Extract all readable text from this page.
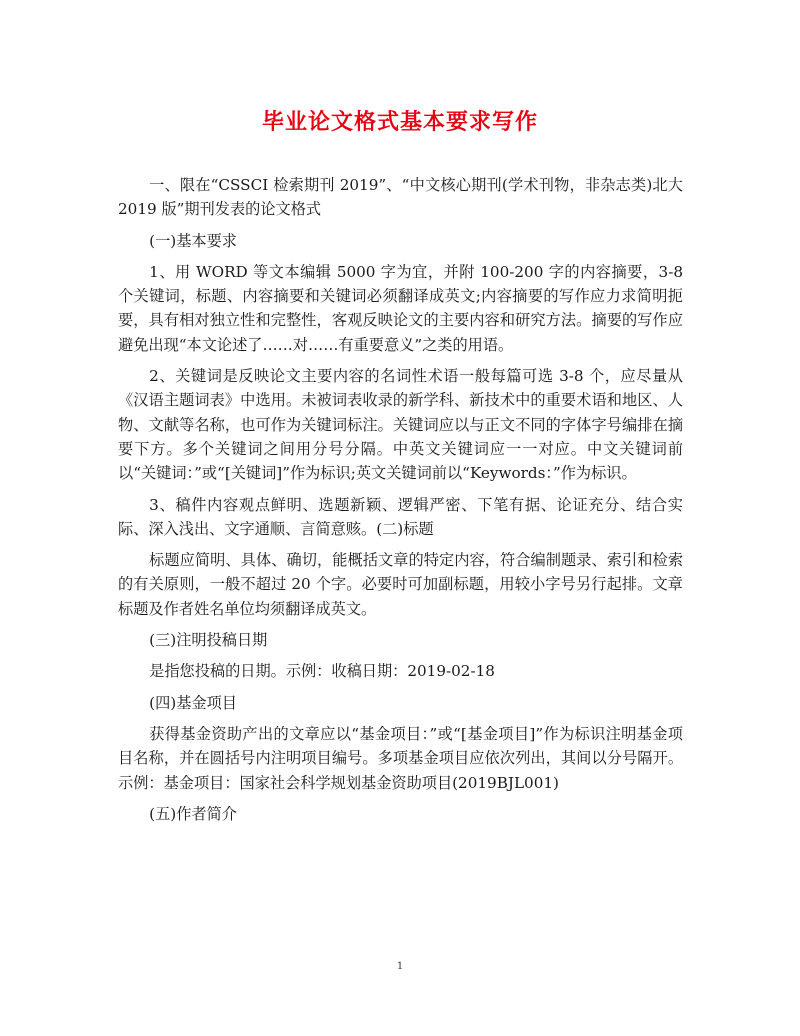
毕业论文格式基本要求写作

一、限在“CSSCI 检索期刊 2019”、“中文核心期刊(学术刊物，非杂志类)北大 2019 版”期刊发表的论文格式

(一)基本要求

1、用 WORD 等文本编辑 5000 字为宜，并附 100-200 字的内容摘要，3-8 个关键词，标题、内容摘要和关键词必须翻译成英文;内容摘要的写作应力求简明扼要，具有相对独立性和完整性，客观反映论文的主要内容和研究方法。摘要的写作应避免出现“本文论述了……对……有重要意义”之类的用语。

2、关键词是反映论文主要内容的名词性术语一般每篇可选 3-8 个，应尽量从《汉语主题词表》中选用。未被词表收录的新学科、新技术中的重要术语和地区、人物、文献等名称，也可作为关键词标注。关键词应以与正文不同的字体字号编排在摘要下方。多个关键词之间用分号分隔。中英文关键词应一一对应。中文关键词前以“关键词：”或“[关键词]”作为标识;英文关键词前以“Keywords：”作为标识。

3、稿件内容观点鲜明、选题新颖、逻辑严密、下笔有据、论证充分、结合实际、深入浅出、文字通顺、言简意赅。(二)标题

标题应简明、具体、确切，能概括文章的特定内容，符合编制题录、索引和检索的有关原则，一般不超过 20 个字。必要时可加副标题，用较小字号另行起排。文章标题及作者姓名单位均须翻译成英文。

(三)注明投稿日期

是指您投稿的日期。示例：收稿日期：2019-02-18

(四)基金项目

获得基金资助产出的文章应以“基金项目：”或“[基金项目]”作为标识注明基金项目名称，并在圆括号内注明项目编号。多项基金项目应依次列出，其间以分号隔开。示例：基金项目：国家社会科学规划基金资助项目(2019BJL001)

(五)作者简介

1
